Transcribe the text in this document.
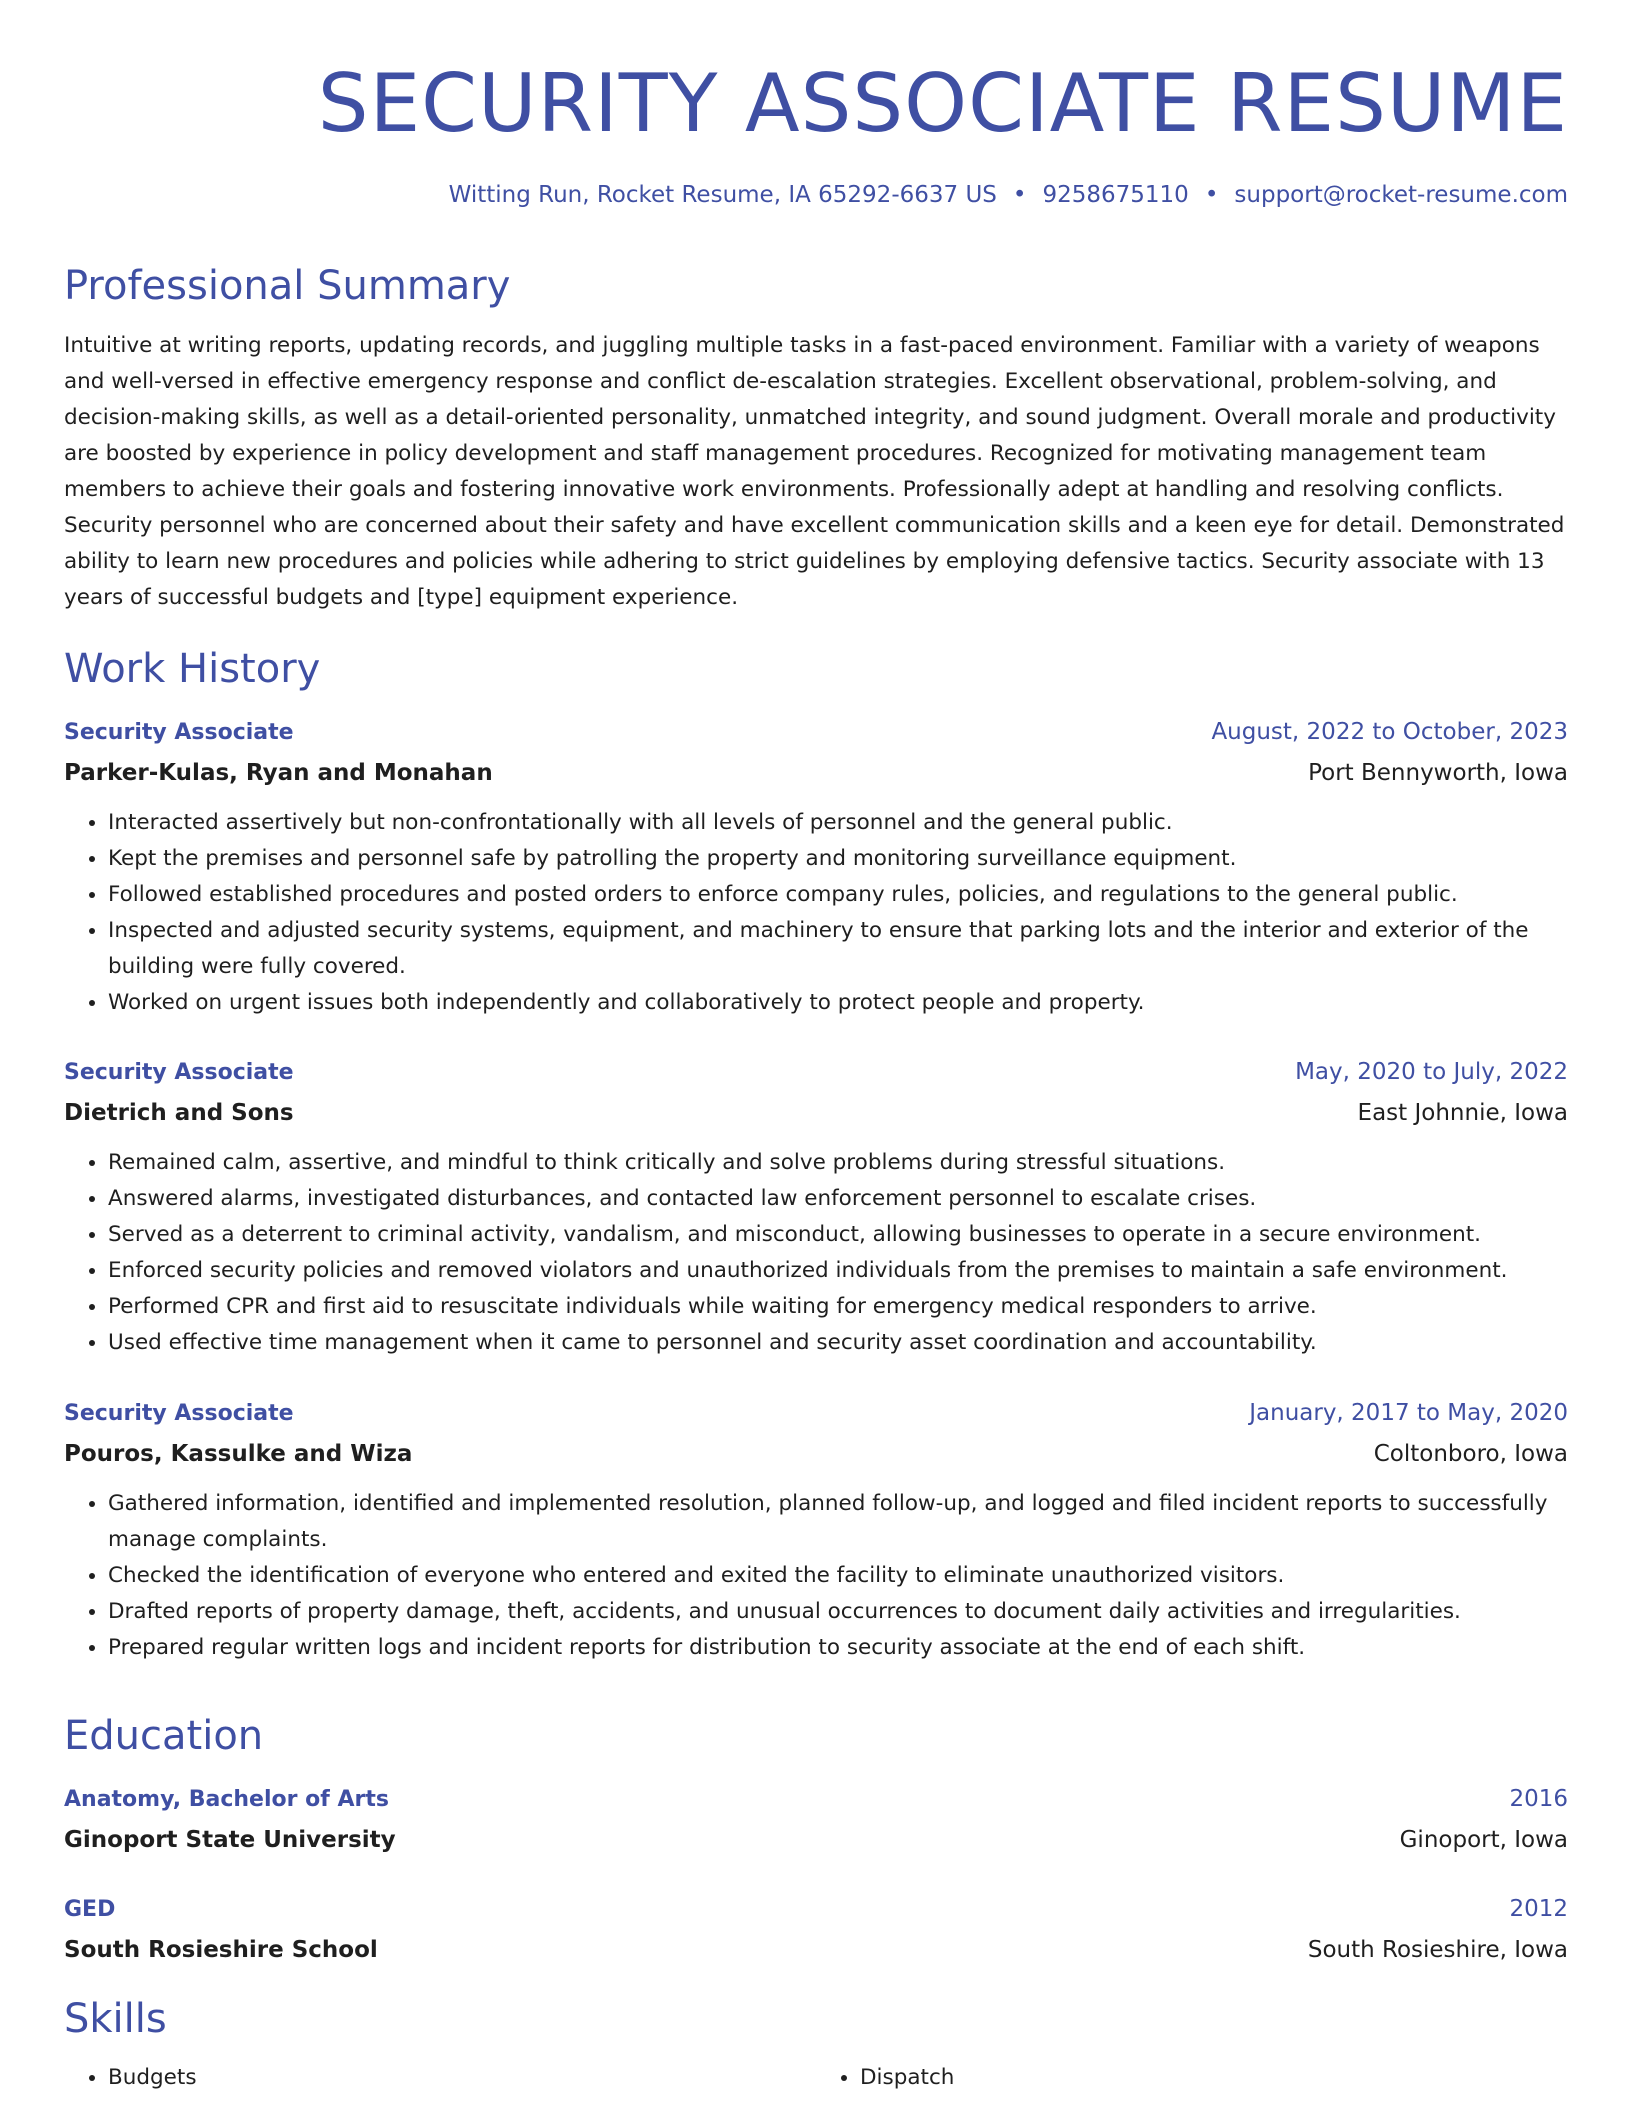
SECURITY ASSOCIATE RESUME
Witting Run, Rocket Resume, IA 65292-6637 US • 9258675110 • support@rocket-resume.com
Professional Summary

Intuitive at writing reports, updating records, and juggling multiple tasks in a fast-paced environment. Familiar with a variety of weapons and well-versed in effective emergency response and conflict de-escalation strategies. Excellent observational, problem-solving, and decision-making skills, as well as a detail-oriented personality, unmatched integrity, and sound judgment. Overall morale and productivity are boosted by experience in policy development and staff management procedures. Recognized for motivating management team members to achieve their goals and fostering innovative work environments. Professionally adept at handling and resolving conflicts. Security personnel who are concerned about their safety and have excellent communication skills and a keen eye for detail. Demonstrated ability to learn new procedures and policies while adhering to strict guidelines by employing defensive tactics. Security associate with 13 years of successful budgets and [type] equipment experience.

Work History
Security Associate	August, 2022 to October, 2023
Parker-Kulas, Ryan and Monahan	Port Bennyworth, Iowa
• Interacted assertively but non-confrontationally with all levels of personnel and the general public.
• Kept the premises and personnel safe by patrolling the property and monitoring surveillance equipment.
• Followed established procedures and posted orders to enforce company rules, policies, and regulations to the general public.
• Inspected and adjusted security systems, equipment, and machinery to ensure that parking lots and the interior and exterior of the building were fully covered.
• Worked on urgent issues both independently and collaboratively to protect people and property.
Security Associate	May, 2020 to July, 2022
Dietrich and Sons	East Johnnie, Iowa
• Remained calm, assertive, and mindful to think critically and solve problems during stressful situations.
• Answered alarms, investigated disturbances, and contacted law enforcement personnel to escalate crises.
• Served as a deterrent to criminal activity, vandalism, and misconduct, allowing businesses to operate in a secure environment.
• Enforced security policies and removed violators and unauthorized individuals from the premises to maintain a safe environment.
• Performed CPR and first aid to resuscitate individuals while waiting for emergency medical responders to arrive.
• Used effective time management when it came to personnel and security asset coordination and accountability.
Security Associate	January, 2017 to May, 2020
Pouros, Kassulke and Wiza	Coltonboro, Iowa
• Gathered information, identified and implemented resolution, planned follow-up, and logged and filed incident reports to successfully manage complaints.
• Checked the identification of everyone who entered and exited the facility to eliminate unauthorized visitors.
• Drafted reports of property damage, theft, accidents, and unusual occurrences to document daily activities and irregularities.
• Prepared regular written logs and incident reports for distribution to security associate at the end of each shift.
Education
Anatomy, Bachelor of Arts	2016
Ginoport State University	Ginoport, Iowa
GED	2012
South Rosieshire School	South Rosieshire, Iowa
Skills
• Budgets
•	Dispatch
